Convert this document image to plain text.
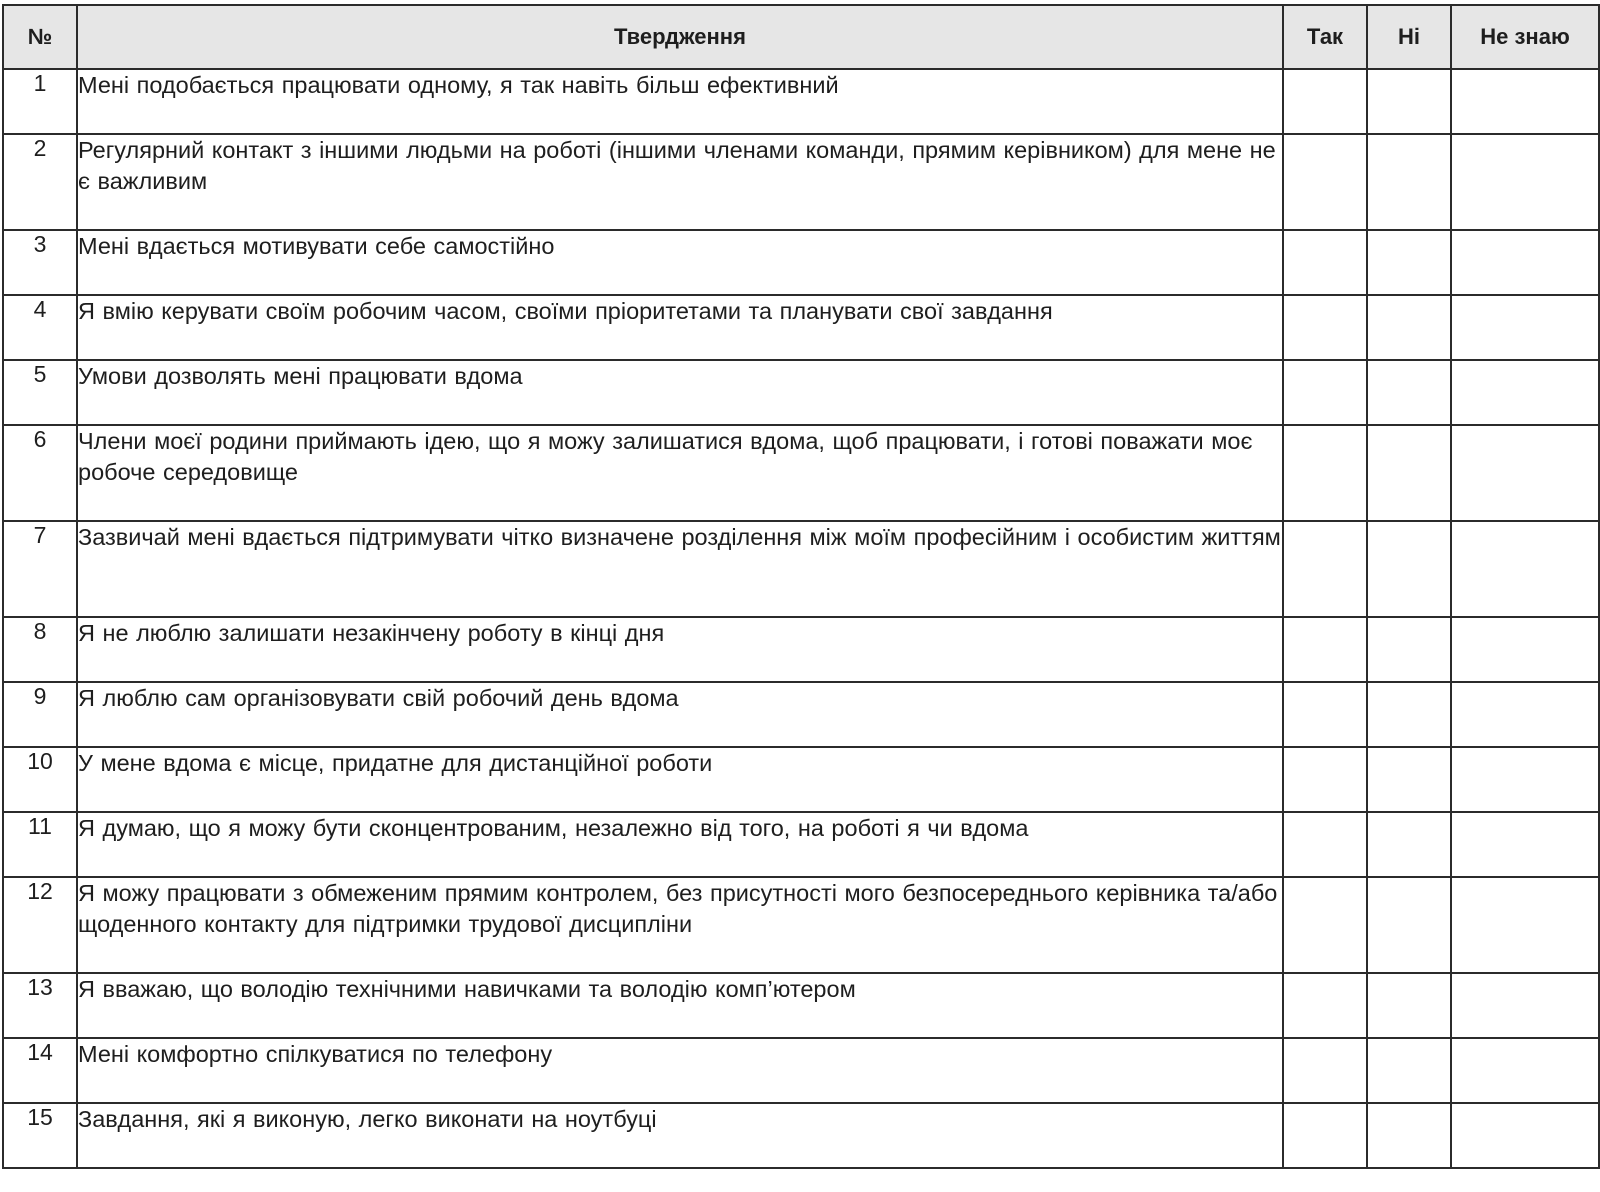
№	Твердження	Так	Ні	Не знаю
1	Мені подобається працювати одному, я так навіть більш ефективний			
2	Регулярний контакт з іншими людьми на роботі (іншими членами команди, прямим керівником) для мене не є важливим			
3	Мені вдається мотивувати себе самостійно			
4	Я вмію керувати своїм робочим часом, своїми пріоритетами та планувати свої завдання			
5	Умови дозволять мені працювати вдома			
6	Члени моєї родини приймають ідею, що я можу залишатися вдома, щоб працювати, і готові поважати моє робоче середовище			
7	Зазвичай мені вдається підтримувати чітко визначене розділення між моїм професійним і особистим життям			
8	Я не люблю залишати незакінчену роботу в кінці дня			
9	Я люблю сам організовувати свій робочий день вдома			
10	У мене вдома є місце, придатне для дистанційної роботи			
11	Я думаю, що я можу бути сконцентрованим, незалежно від того, на роботі я чи вдома			
12	Я можу працювати з обмеженим прямим контролем, без присутності мого безпосереднього керівника та/або щоденного контакту для підтримки трудової дисципліни			
13	Я вважаю, що володію технічними навичками та володію комп’ютером			
14	Мені комфортно спілкуватися по телефону			
15	Завдання, які я виконую, легко виконати на ноутбуці			
